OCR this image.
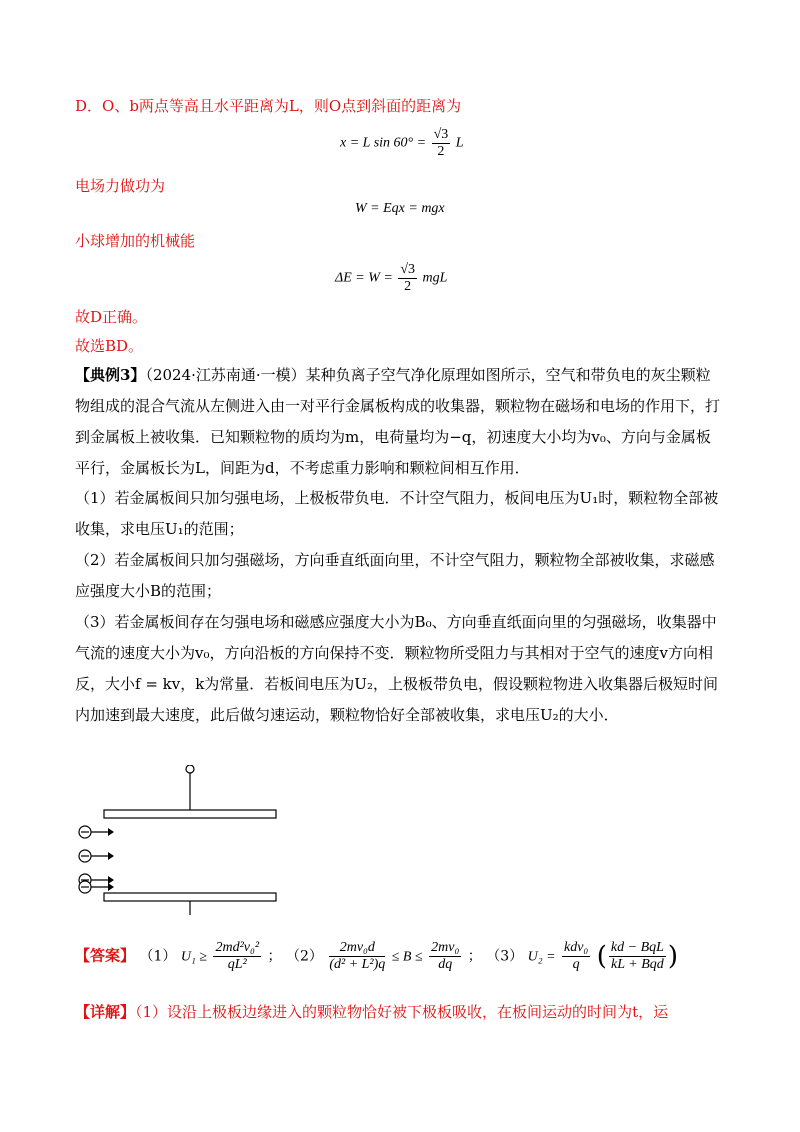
D．O、b两点等高且水平距离为L，则O点到斜面的距离为
x = L $\sin 60^\circ = \frac{√3}{2}$ L
电场力做功为
W = Eqx = mgx
小球增加的机械能
$\Delta E = W = \frac{√3}{2}$ mgL
故D正确。
故选BD。
【典例3】（2024·江苏南通·一模）某种负离子空气净化原理如图所示，空气和带负电的灰尘颗粒物组成的混合气流从左侧进入由一对平行金属板构成的收集器，颗粒物在磁场和电场的作用下，打到金属板上被收集．已知颗粒物的质均为m，电荷量均为−q，初速度大小均为v₀、方向与金属板平行，金属板长为L，间距为d，不考虑重力影响和颗粒间相互作用．
（1）若金属板间只加匀强电场，上极板带负电．不计空气阻力，板间电压为U₁时，颗粒物全部被收集，求电压U₁的范围；
（2）若金属板间只加匀强磁场，方向垂直纸面向里，不计空气阻力，颗粒物全部被收集，求磁感应强度大小B的范围；
（3）若金属板间存在匀强电场和磁感应强度大小为B₀、方向垂直纸面向里的匀强磁场，收集器中气流的速度大小为v₀，方向沿板的方向保持不变．颗粒物所受阻力与其相对于空气的速度v方向相反，大小f = kv，k为常量．若板间电压为U₂，上极板带负电，假设颗粒物进入收集器后极短时间内加速到最大速度，此后做匀速运动，颗粒物恰好全部被收集，求电压U₂的大小．
【答案】 （1） $U_1 \ge \frac{\text{2md²v₀²}}{\text{qL²}}$ ； $(2) \frac{\text{2mv₀d}}{\text{(d² + L²)q}} \le B \le \frac{\text{2mv₀}}{dq}$ ； （3） $U_2 = \frac{\text{kdv₀}}{q}$ ( $\frac{\text{kd − BqL}}{\text{kL + Bqd}}$ )
【详解】（1）设沿上极板边缘进入的颗粒物恰好被下极板吸收，在板间运动的时间为t，运
